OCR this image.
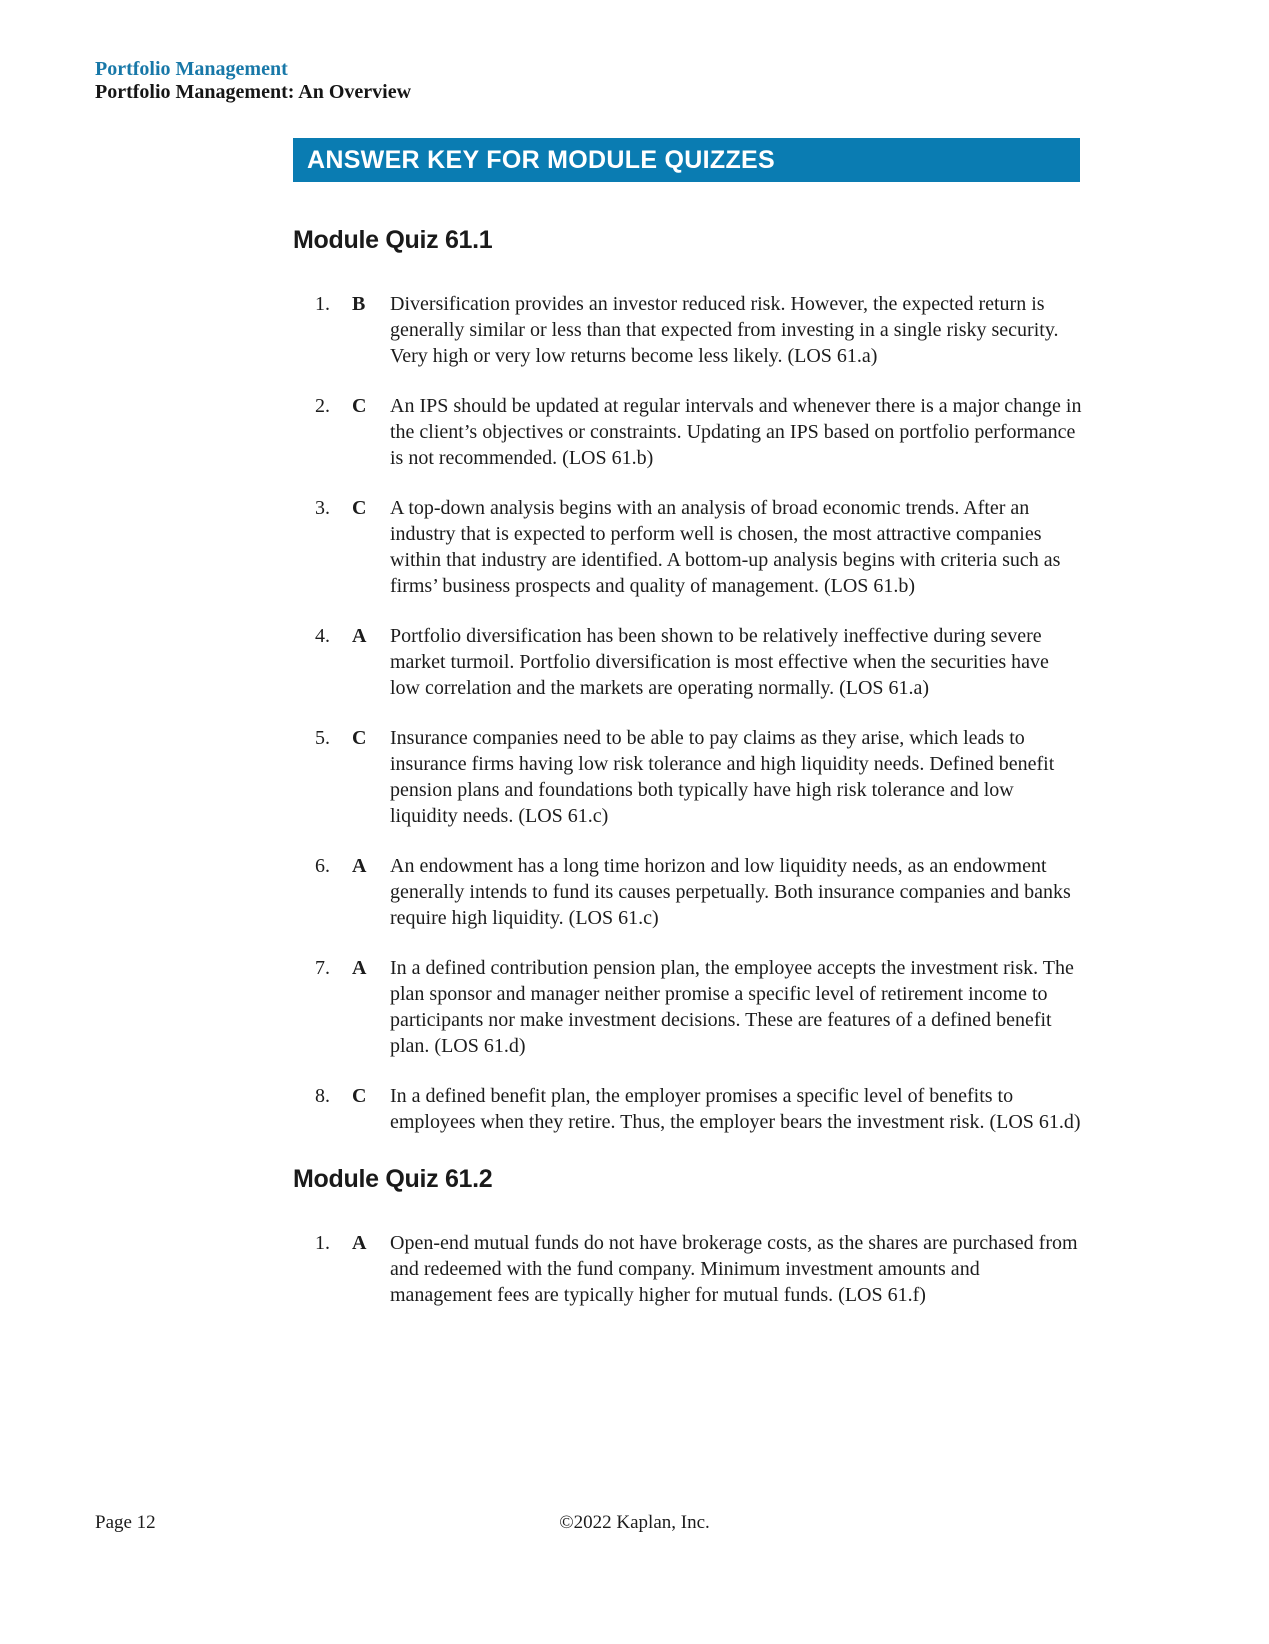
Portfolio Management
Portfolio Management: An Overview
ANSWER KEY FOR MODULE QUIZZES
Module Quiz 61.1
1.	B	Diversification provides an investor reduced risk. However, the expected return is generally similar or less than that expected from investing in a single risky security. Very high or very low returns become less likely. (LOS 61.a)
2.	C	An IPS should be updated at regular intervals and whenever there is a major change in the client’s objectives or constraints. Updating an IPS based on portfolio performance is not recommended. (LOS 61.b)
3.	C	A top-down analysis begins with an analysis of broad economic trends. After an industry that is expected to perform well is chosen, the most attractive companies within that industry are identified. A bottom-up analysis begins with criteria such as firms’ business prospects and quality of management. (LOS 61.b)
4.	A	Portfolio diversification has been shown to be relatively ineffective during severe market turmoil. Portfolio diversification is most effective when the securities have low correlation and the markets are operating normally. (LOS 61.a)
5.	C	Insurance companies need to be able to pay claims as they arise, which leads to insurance firms having low risk tolerance and high liquidity needs. Defined benefit pension plans and foundations both typically have high risk tolerance and low liquidity needs. (LOS 61.c)
6.	A	An endowment has a long time horizon and low liquidity needs, as an endowment generally intends to fund its causes perpetually. Both insurance companies and banks require high liquidity. (LOS 61.c)
7.	A	In a defined contribution pension plan, the employee accepts the investment risk. The plan sponsor and manager neither promise a specific level of retirement income to participants nor make investment decisions. These are features of a defined benefit plan. (LOS 61.d)
8.	C	In a defined benefit plan, the employer promises a specific level of benefits to employees when they retire. Thus, the employer bears the investment risk. (LOS 61.d)
Module Quiz 61.2
1.	A	Open-end mutual funds do not have brokerage costs, as the shares are purchased from and redeemed with the fund company. Minimum investment amounts and management fees are typically higher for mutual funds. (LOS 61.f)
Page 12	©2022 Kaplan, Inc.
